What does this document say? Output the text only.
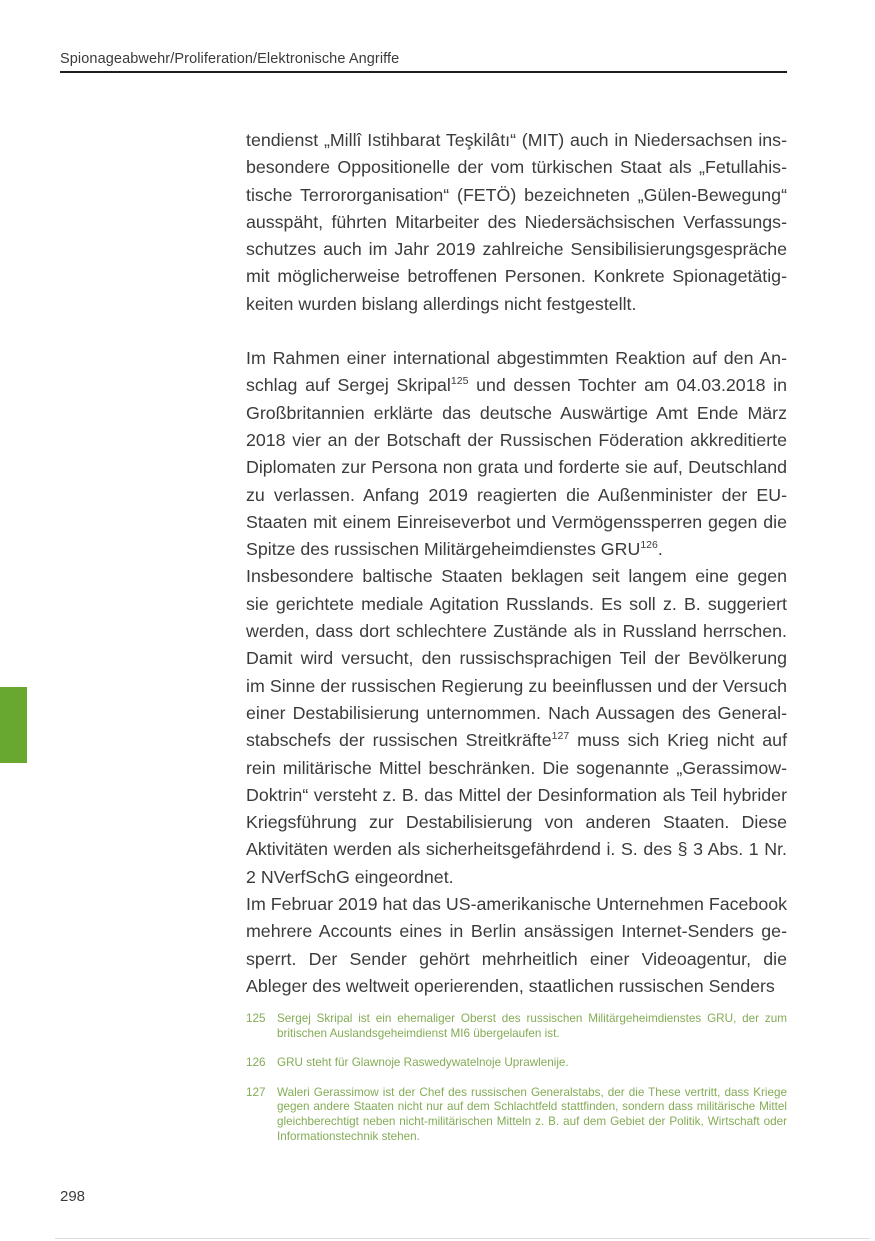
Spionageabwehr/Proliferation/Elektronische Angriffe

tendienst „Millî Istihbarat Teşkilâtı“ (MIT) auch in Niedersachsen insbesondere Oppositionelle der vom türkischen Staat als „Fetullahistische Terrororganisation“ (FETÖ) bezeichneten „Gülen-Bewegung“ ausspäht, führten Mitarbeiter des Niedersächsischen Verfassungsschutzes auch im Jahr 2019 zahlreiche Sensibilisierungsgespräche mit möglicherweise betroffenen Personen. Konkrete Spionagetätigkeiten wurden bislang allerdings nicht festgestellt.

Im Rahmen einer international abgestimmten Reaktion auf den Anschlag auf Sergej Skripal$^{125}$ und dessen Tochter am 04.03.2018 in Großbritannien erklärte das deutsche Auswärtige Amt Ende März 2018 vier an der Botschaft der Russischen Föderation akkreditierte Diplomaten zur Persona non grata und forderte sie auf, Deutschland zu verlassen. Anfang 2019 reagierten die Außenminister der EU-Staaten mit einem Einreiseverbot und Vermögenssperren gegen die Spitze des russischen Militärgeheimdienstes GRU$^{126}$.

Insbesondere baltische Staaten beklagen seit langem eine gegen sie gerichtete mediale Agitation Russlands. Es soll z. B. suggeriert werden, dass dort schlechtere Zustände als in Russland herrschen. Damit wird versucht, den russischsprachigen Teil der Bevölkerung im Sinne der russischen Regierung zu beeinflussen und der Versuch einer Destabilisierung unternommen. Nach Aussagen des Generalstabschefs der russischen Streitkräfte$^{127}$ muss sich Krieg nicht auf rein militärische Mittel beschränken. Die sogenannte „Gerassimow-Doktrin“ versteht z. B. das Mittel der Desinformation als Teil hybrider Kriegsführung zur Destabilisierung von anderen Staaten. Diese Aktivitäten werden als sicherheitsgefährdend i. S. des § 3 Abs. 1 Nr. 2 NVerfSchG eingeordnet.

Im Februar 2019 hat das US-amerikanische Unternehmen Facebook mehrere Accounts eines in Berlin ansässigen Internet-Senders gesperrt. Der Sender gehört mehrheitlich einer Videoagentur, die Ableger des weltweit operierenden, staatlichen russischen Senders

125 Sergej Skripal ist ein ehemaliger Oberst des russischen Militärgeheimdienstes GRU, der zum britischen Auslandsgeheimdienst MI6 übergelaufen ist.
126 GRU steht für Glawnoje Raswedywatelnoje Uprawlenije.
127 Waleri Gerassimow ist der Chef des russischen Generalstabs, der die These vertritt, dass Kriege gegen andere Staaten nicht nur auf dem Schlachtfeld stattfinden, sondern dass militärische Mittel gleichberechtigt neben nicht-militärischen Mitteln z. B. auf dem Gebiet der Politik, Wirtschaft oder Informationstechnik stehen.
298
